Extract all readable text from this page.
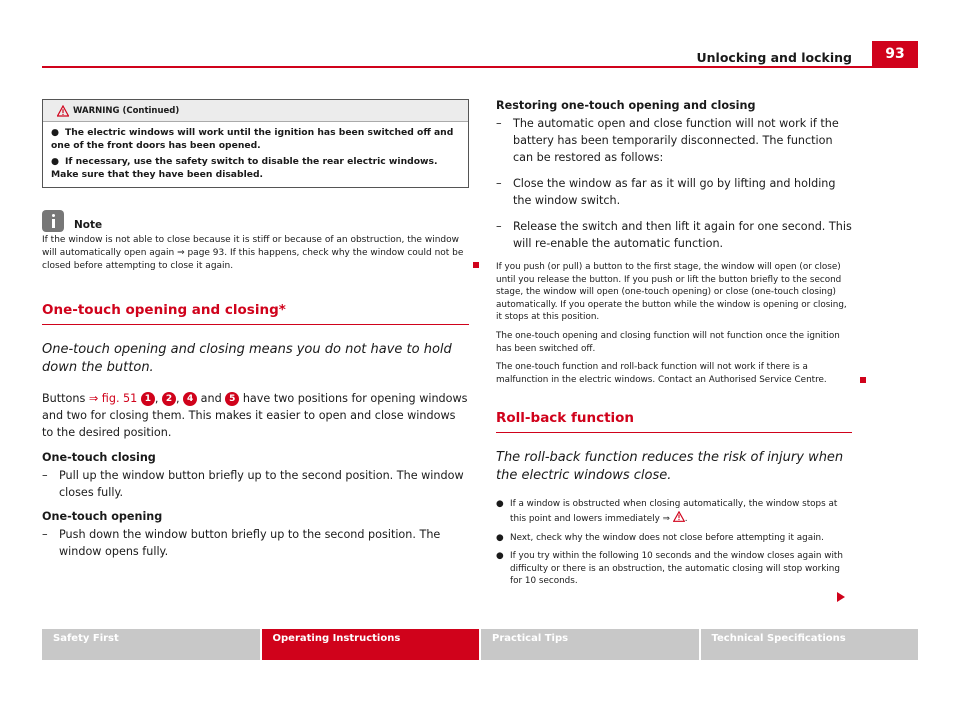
Unlocking and locking	93
WARNING (Continued)
● The electric windows will work until the ignition has been switched off and one of the front doors has been opened.
● If necessary, use the safety switch to disable the rear electric windows. Make sure that they have been disabled.
Note
If the window is not able to close because it is stiff or because of an obstruction, the window will automatically open again ⇒ page 93. If this happens, check why the window could not be closed before attempting to close it again.
One-touch opening and closing*
One-touch opening and closing means you do not have to hold down the button.
Buttons ⇒ fig. 51 1 , 2 , 4 and 5 have two positions for opening windows and two for closing them. This makes it easier to open and close windows to the desired position.
One-touch closing
–	Pull up the window button briefly up to the second position. The window closes fully.
One-touch opening
–	Push down the window button briefly up to the second position. The window opens fully.
Restoring one-touch opening and closing
–	The automatic open and close function will not work if the battery has been temporarily disconnected. The function can be restored as follows:
–	Close the window as far as it will go by lifting and holding the window switch.
–	Release the switch and then lift it again for one second. This will re-enable the automatic function.
If you push (or pull) a button to the first stage, the window will open (or close) until you release the button. If you push or lift the button briefly to the second stage, the window will open (one-touch opening) or close (one-touch closing) automatically. If you operate the button while the window is opening or closing, it stops at this position.
The one-touch opening and closing function will not function once the ignition has been switched off.
The one-touch function and roll-back function will not work if there is a malfunction in the electric windows. Contact an Authorised Service Centre.
Roll-back function
The roll-back function reduces the risk of injury when the electric windows close.
● If a window is obstructed when closing automatically, the window stops at this point and lowers immediately ⇒ .
● Next, check why the window does not close before attempting it again.
● If you try within the following 10 seconds and the window closes again with difficulty or there is an obstruction, the automatic closing will stop working for 10 seconds.
Safety First	Operating Instructions	Practical Tips	Technical Specifications
